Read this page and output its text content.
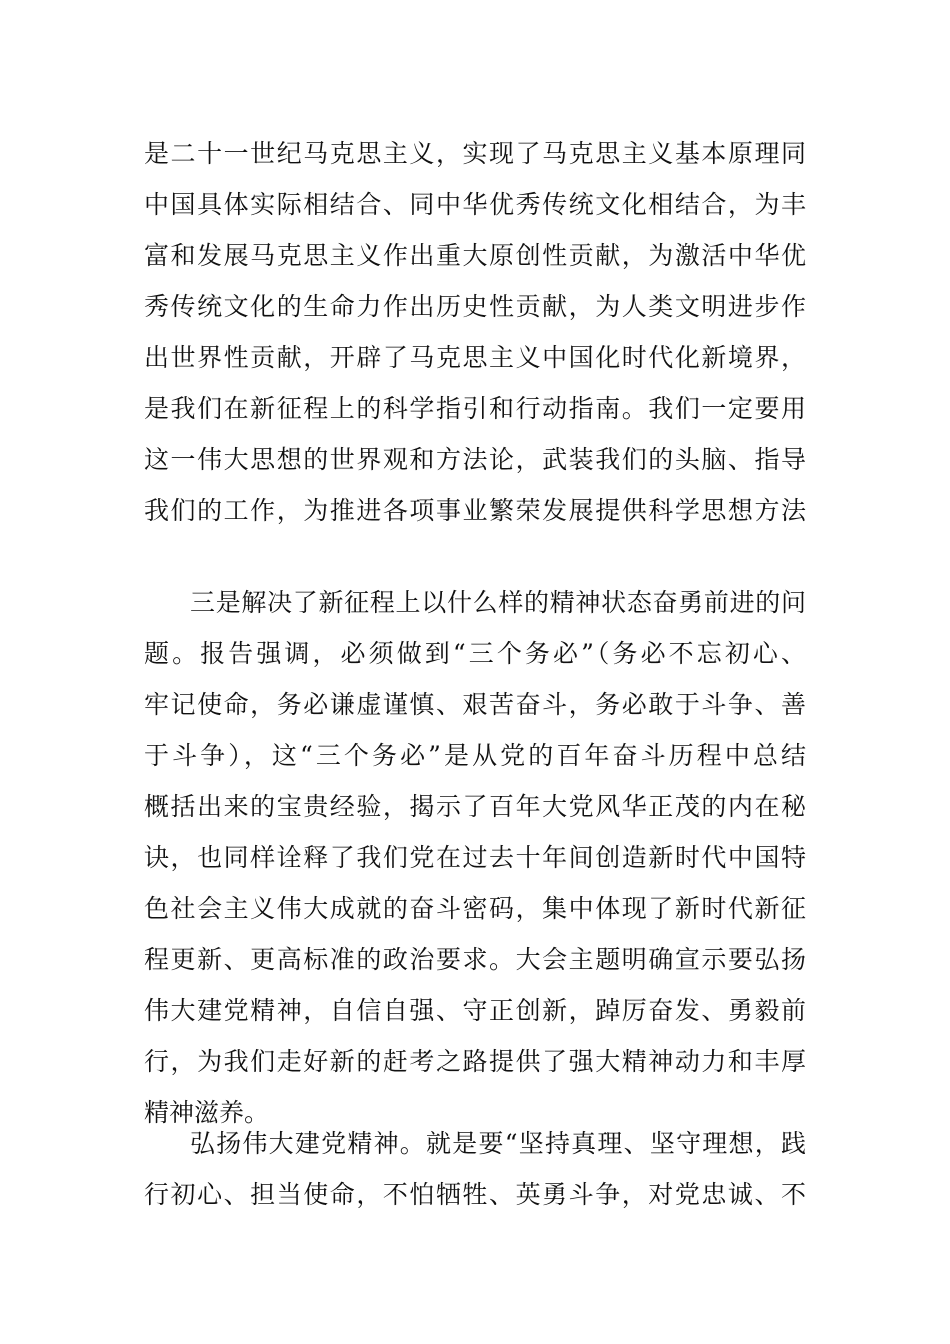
是二十一世纪马克思主义，实现了马克思主义基本原理同
中国具体实际相结合、同中华优秀传统文化相结合，为丰
富和发展马克思主义作出重大原创性贡献，为激活中华优
秀传统文化的生命力作出历史性贡献，为人类文明进步作
出世界性贡献，开辟了马克思主义中国化时代化新境界，
是我们在新征程上的科学指引和行动指南。我们一定要用
这一伟大思想的世界观和方法论，武装我们的头脑、指导
我们的工作，为推进各项事业繁荣发展提供科学思想方法
三是解决了新征程上以什么样的精神状态奋勇前进的问
题。报告强调，必须做到“三个务必”（务必不忘初心、
牢记使命，务必谦虚谨慎、艰苦奋斗，务必敢于斗争、善
于斗争），这“三个务必”是从党的百年奋斗历程中总结
概括出来的宝贵经验，揭示了百年大党风华正茂的内在秘
诀，也同样诠释了我们党在过去十年间创造新时代中国特
色社会主义伟大成就的奋斗密码，集中体现了新时代新征
程更新、更高标准的政治要求。大会主题明确宣示要弘扬
伟大建党精神，自信自强、守正创新，踔厉奋发、勇毅前
行，为我们走好新的赶考之路提供了强大精神动力和丰厚
精神滋养。
弘扬伟大建党精神。就是要“坚持真理、坚守理想，践
行初心、担当使命，不怕牺牲、英勇斗争，对党忠诚、不
